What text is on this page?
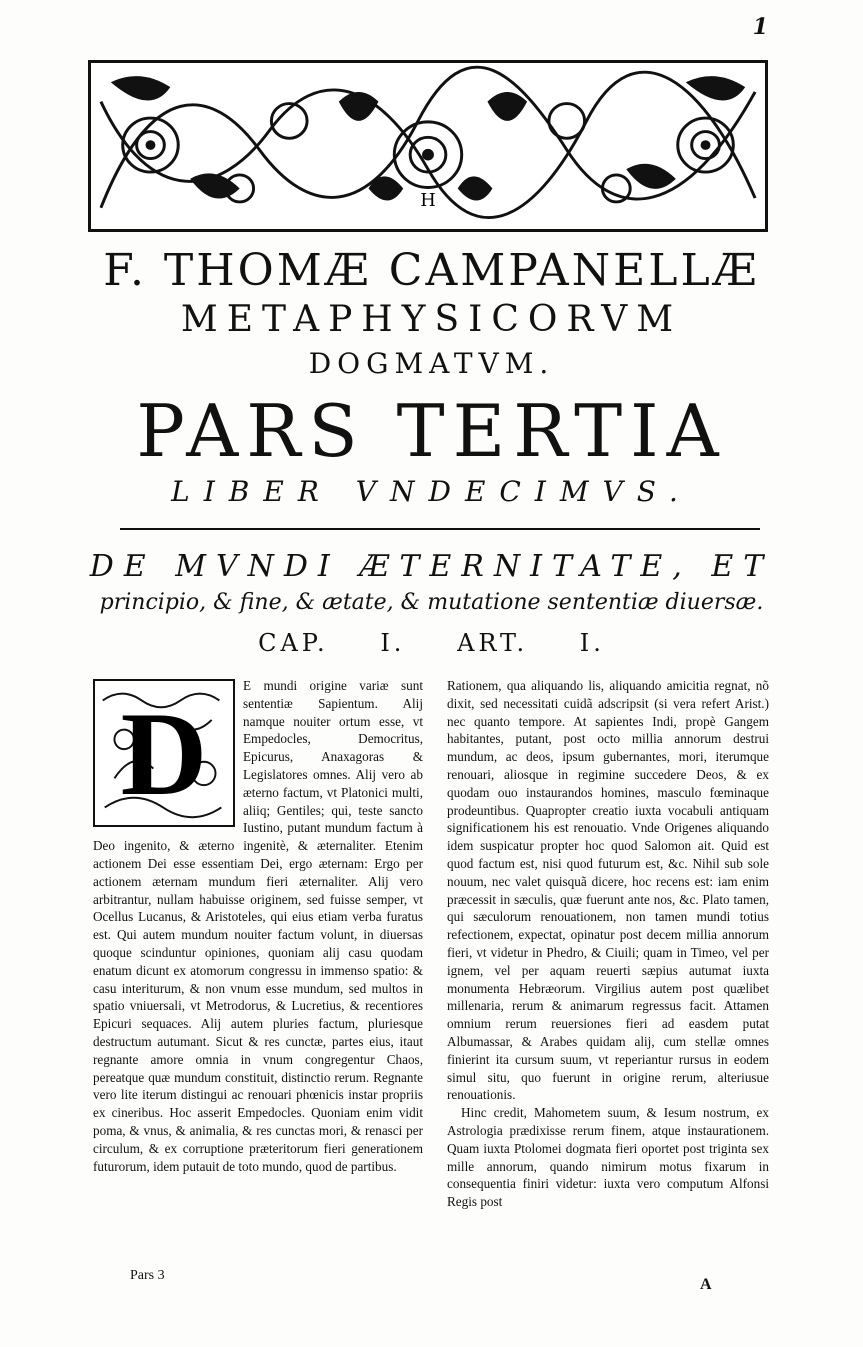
1
H
F. THOMÆ CAMPANELLÆ
METAPHYSICORVM
DOGMATVM.
PARS TERTIA
LIBER VNDECIMVS.
DE MVNDI ÆTERNITATE, ET
principio, & fine, & ætate, & mutatione sententiæ diuersæ.
CAP. I. ART. I.
D

E mundi origine variæ sunt sententiæ Sapientum. Alij namque nouiter ortum esse, vt Empedocles, Democritus, Epicurus, Anaxagoras & Legislatores omnes. Alij vero ab æterno factum, vt Platonici multi, aliiq; Gentiles; qui, teste sancto Iustino, putant mundum factum à Deo ingenito, & æterno ingenitè, & æternaliter. Etenim actionem Dei esse essentiam Dei, ergo æternam: Ergo per actionem æternam mundum fieri æternaliter. Alij vero arbitrantur, nullam habuisse originem, sed fuisse semper, vt Ocellus Lucanus, & Aristoteles, qui eius etiam verba furatus est. Qui autem mundum nouiter factum volunt, in diuersas quoque scinduntur opiniones, quoniam alij casu quodam enatum dicunt ex atomorum congressu in immensο spatio: & casu interiturum, & non vnum esse mundum, sed multos in spatio vniuersali, vt Metrodorus, & Lucretius, & recentiores Epicuri sequaces. Alij autem pluries factum, pluriesque destructum autumant. Sicut & res cunctæ, partes eius, itaut regnante amore omnia in vnum congregentur Chaos, pereatque quæ mundum constituit, distinctio rerum. Regnante vero lite iterum distingui ac renouari phœnicis instar propriis ex cineribus. Hoc asserit Empedocles. Quoniam enim vidit poma, & vnus, & animalia, & res cunctas mori, & renasci per circulum, & ex corruptione præteritorum fieri generationem futurorum, idem putauit de toto mundo, quod de partibus.

Rationem, qua aliquando lis, aliquando amicitia regnat, nõ dixit, sed necessitati cuidã adscripsit (si vera refert Arist.) nec quanto tempore. At sapientes Indi, propè Gangem habitantes, putant, post octo millia annorum destrui mundum, ac deos, ipsum gubernantes, mori, iterumque renouari, aliosque in regimine succedere Deos, & ex quodam ouo instaurandos homines, masculo fœminaque prodeuntibus. Quapropter creatio iuxta vocabuli antiquam significationem his est renouatio. Vnde Origenes aliquando idem suspicatur propter hoc quod Salomon ait. Quid est quod factum est, nisi quod futurum est, &c. Nihil sub sole nouum, nec valet quisquã dicere, hoc recens est: iam enim præcessit in sæculis, quæ fuerunt ante nos, &c. Plato tamen, qui sæculorum renouationem, non tamen mundi totius refectionem, expectat, opinatur post decem millia annorum fieri, vt videtur in Phedro, & Ciuili; quam in Timeo, vel per ignem, vel per aquam reuerti sæpius autumat iuxta monumenta Hebræorum. Virgilius autem post quælibet millenaria, rerum & animarum regressus facit. Attamen omnium rerum reuersiones fieri ad easdem putat Albumassar, & Arabes quidam alij, cum stellæ omnes finierint ita cursum suum, vt reperiantur rursus in eodem simul situ, quo fuerunt in origine rerum, alteriusue renouationis.

Hinc credit, Mahometem suum, & Iesum nostrum, ex Astrologia prædixisse rerum finem, atque instaurationem. Quam iuxta Ptolomei dogmata fieri oportet post triginta sex mille annorum, quando nimirum motus fixarum in consequentia finiri videtur: iuxta vero computum Alfonsi Regis post

Pars 3
A
